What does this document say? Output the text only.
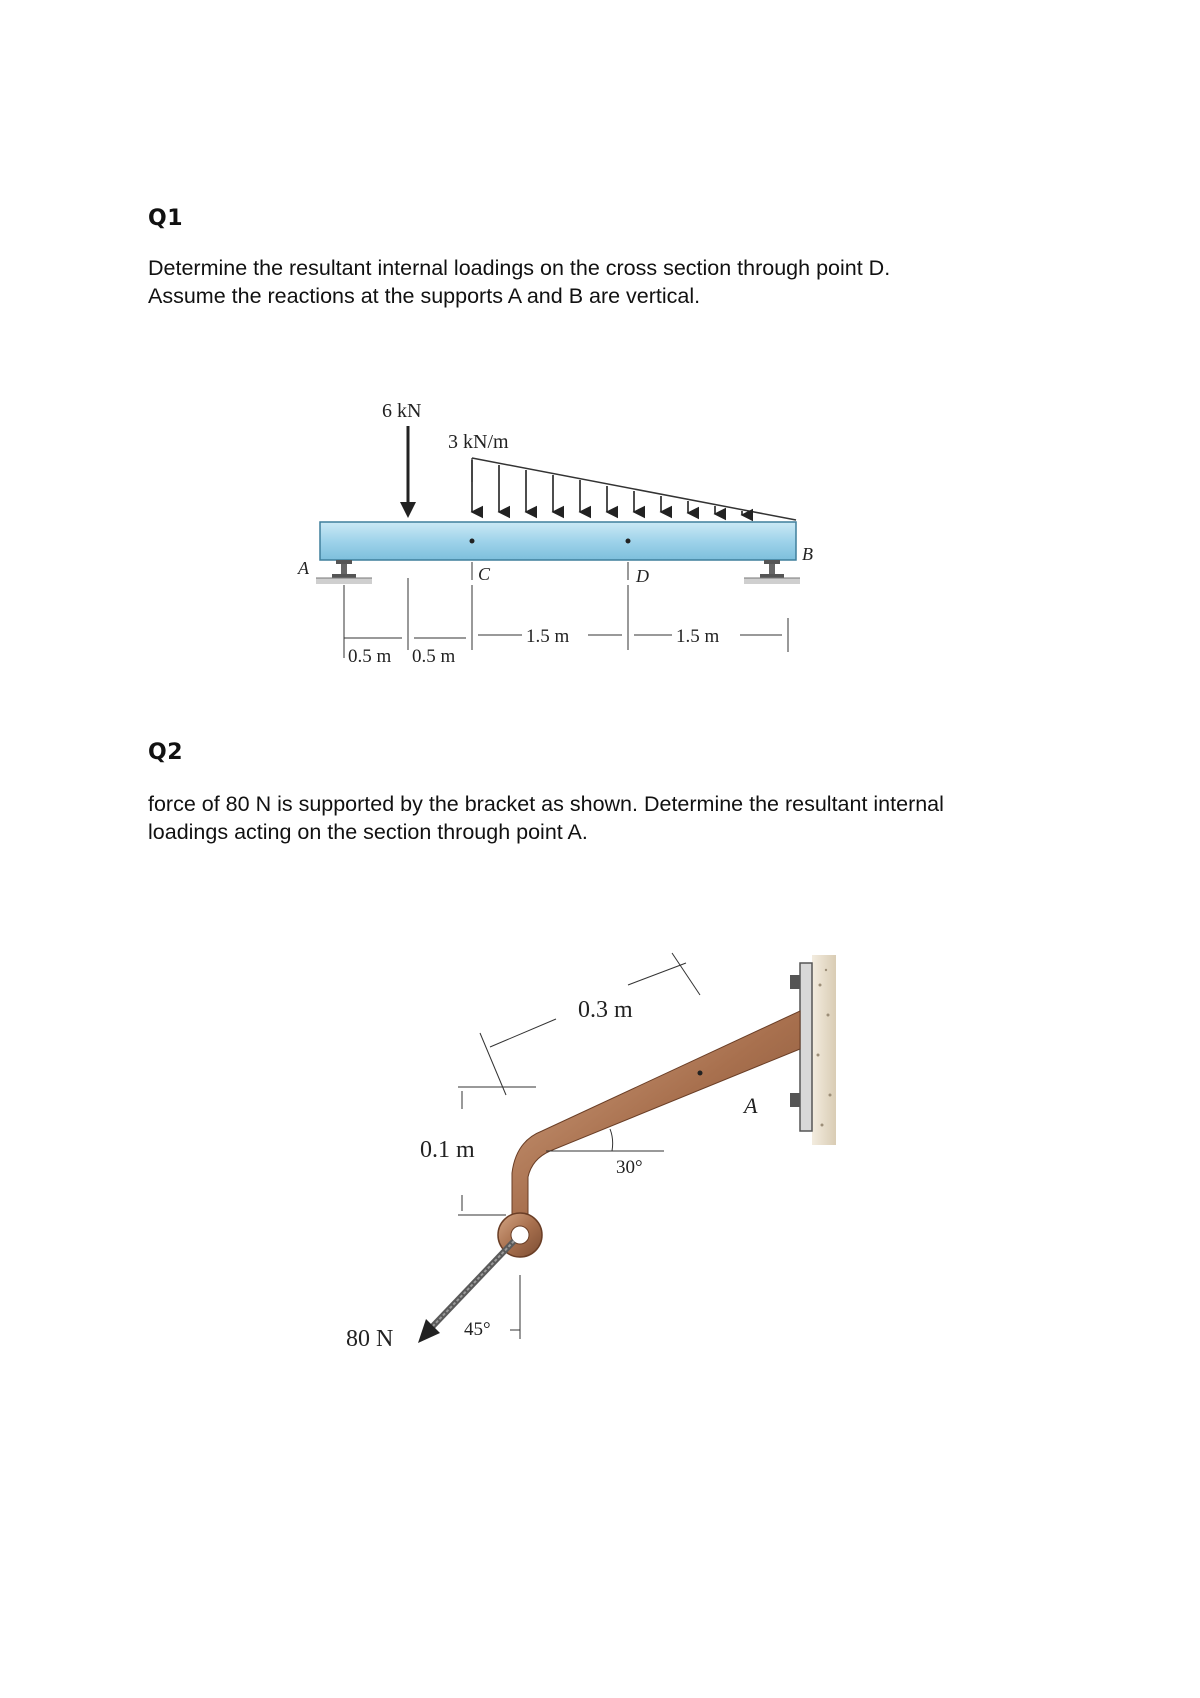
Q1
Determine the resultant internal loadings on the cross section through point D.
Assume the reactions at the supports A and B are vertical.
6 kN
3 kN/m
A
B
C	D
0.5 m 0.5 m
1.5 m	1.5 m
Q2
force of 80 N is supported by the bracket as shown. Determine the resultant internal
loadings acting on the section through point A.
A
80 N	45°
0.1 m
0.3 m
30°
